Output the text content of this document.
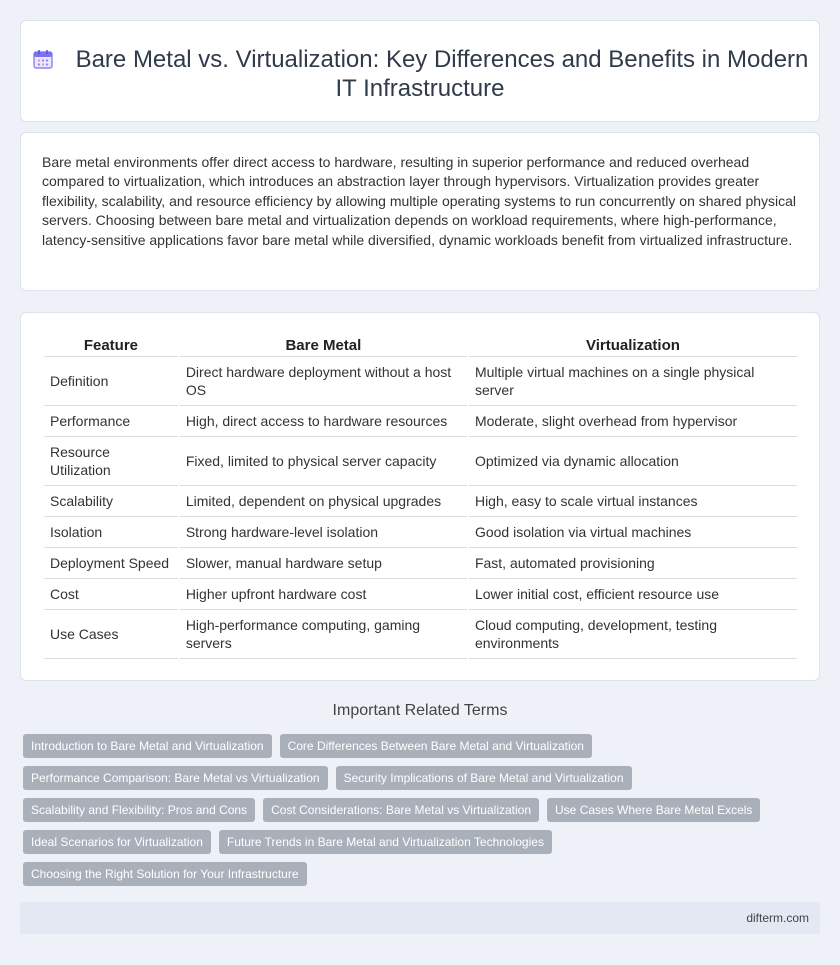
Bare Metal vs. Virtualization: Key Differences and Benefits in Modern IT Infrastructure

Bare metal environments offer direct access to hardware, resulting in superior performance and reduced overhead compared to virtualization, which introduces an abstraction layer through hypervisors. Virtualization provides greater flexibility, scalability, and resource efficiency by allowing multiple operating systems to run concurrently on shared physical servers. Choosing between bare metal and virtualization depends on workload requirements, where high-performance, latency-sensitive applications favor bare metal while diversified, dynamic workloads benefit from virtualized infrastructure.

Feature	Bare Metal	Virtualization
Definition	Direct hardware deployment without a host OS	Multiple virtual machines on a single physical server
Performance	High, direct access to hardware resources	Moderate, slight overhead from hypervisor
Resource Utilization	Fixed, limited to physical server capacity	Optimized via dynamic allocation
Scalability	Limited, dependent on physical upgrades	High, easy to scale virtual instances
Isolation	Strong hardware-level isolation	Good isolation via virtual machines
Deployment Speed	Slower, manual hardware setup	Fast, automated provisioning
Cost	Higher upfront hardware cost	Lower initial cost, efficient resource use
Use Cases	High-performance computing, gaming servers	Cloud computing, development, testing environments
Important Related Terms
Introduction to Bare Metal and Virtualization	Core Differences Between Bare Metal and Virtualization
Performance Comparison: Bare Metal vs Virtualization	Security Implications of Bare Metal and Virtualization
Scalability and Flexibility: Pros and Cons	Cost Considerations: Bare Metal vs Virtualization	Use Cases Where Bare Metal Excels
Ideal Scenarios for Virtualization	Future Trends in Bare Metal and Virtualization Technologies
Choosing the Right Solution for Your Infrastructure
difterm.com
